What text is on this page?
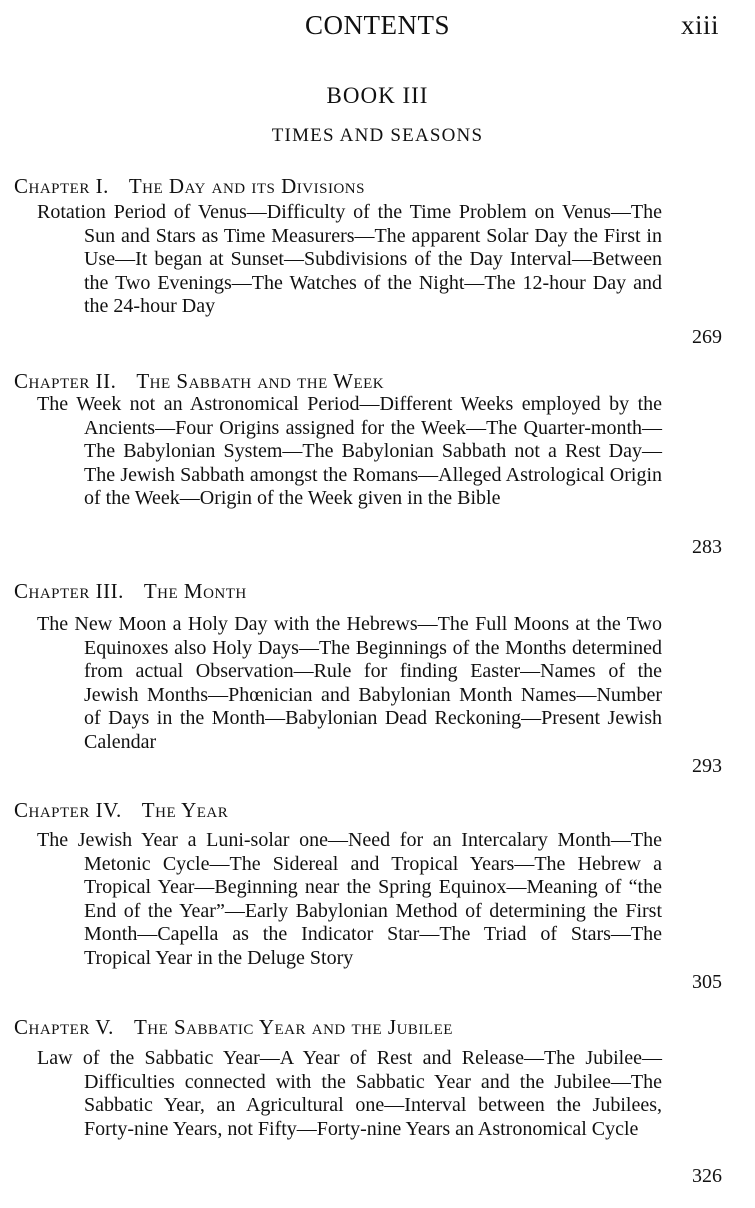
CONTENTS	xiii
BOOK III
TIMES AND SEASONS
Chapter I. The Day and its Divisions
Rotation Period of Venus—Difficulty of the Time Problem on Venus—The Sun and Stars as Time Measurers—The apparent Solar Day the First in Use—It began at Sunset—Subdivisions of the Day Interval—Between the Two Evenings—The Watches of the Night—The 12-hour Day and the 24-hour Day
269
Chapter II. The Sabbath and the Week
The Week not an Astronomical Period—Different Weeks employed by the Ancients—Four Origins assigned for the Week—The Quarter-month—The Babylonian System—The Babylonian Sabbath not a Rest Day—The Jewish Sabbath amongst the Romans—Alleged Astrological Origin of the Week—Origin of the Week given in the Bible
283
Chapter III. The Month
The New Moon a Holy Day with the Hebrews—The Full Moons at the Two Equinoxes also Holy Days—The Beginnings of the Months determined from actual Observation—Rule for finding Easter—Names of the Jewish Months—Phœnician and Babylonian Month Names—Number of Days in the Month—Babylonian Dead Reckoning—Present Jewish Calendar
293
Chapter IV. The Year
The Jewish Year a Luni-solar one—Need for an Intercalary Month—The Metonic Cycle—The Sidereal and Tropical Years—The Hebrew a Tropical Year—Beginning near the Spring Equinox—Meaning of “the End of the Year”—Early Babylonian Method of determining the First Month—Capella as the Indicator Star—The Triad of Stars—The Tropical Year in the Deluge Story
305
Chapter V. The Sabbatic Year and the Jubilee
Law of the Sabbatic Year—A Year of Rest and Release—The Jubilee—Difficulties connected with the Sabbatic Year and the Jubilee—The Sabbatic Year, an Agricultural one—Interval between the Jubilees, Forty-nine Years, not Fifty—Forty-nine Years an Astronomical Cycle
326
